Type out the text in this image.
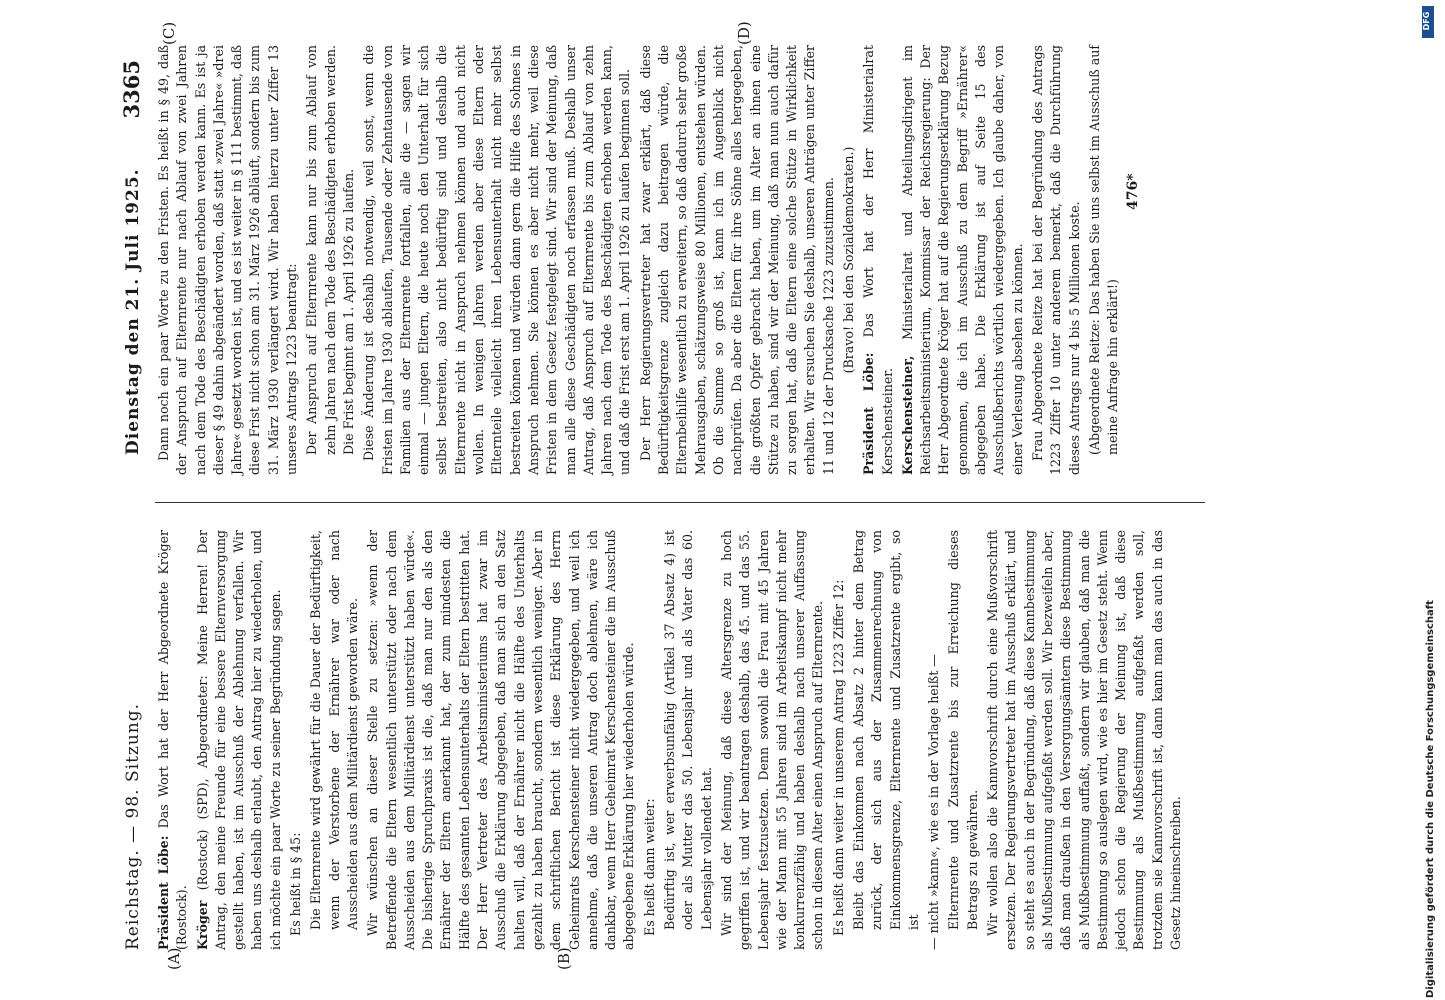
Reichstag. — 98. Sitzung.
Dienstag den 21. Juli 1925.
3365
(A)	(B)
(C)	(D)

Präsident Löbe: Das Wort hat der Herr Abgeordnete Kröger (Rostock). Kröger (Rostock) (SPD), Abgeordneter: Meine Herren! Der Antrag, den meine Freunde für eine bessere Elternversorgung gestellt haben, ist im Ausschuß der Ablehnung verfallen. Wir haben uns deshalb erlaubt, den Antrag hier zu wiederholen, und ich möchte ein paar Worte zu seiner Begründung sagen. Es heißt in § 45: Die Elternrente wird gewährt für die Dauer der Bedürftigkeit, wenn der Verstorbene der Ernährer war oder nach Ausscheiden aus dem Militärdienst geworden wäre. Wir wünschen an dieser Stelle zu setzen: »wenn der Betreffende die Eltern wesentlich unterstützt oder nach dem Ausscheiden aus dem Militärdienst unterstützt haben würde«. Die bisherige Spruchpraxis ist die, daß man nur den als den Ernährer der Eltern anerkannt hat, der zum mindesten die Hälfte des gesamten Lebensunterhalts der Eltern bestritten hat. Der Herr Vertreter des Arbeitsministeriums hat zwar im Ausschuß die Erklärung abgegeben, daß man sich an den Satz halten will, daß der Ernährer nicht die Hälfte des Unterhalts gezahlt zu haben braucht, sondern wesentlich weniger. Aber in dem schriftlichen Bericht ist diese Erklärung des Herrn Geheimrats Kerschensteiner nicht wiedergegeben, und weil ich annehme, daß die unseren Antrag doch ablehnen, wäre ich dankbar, wenn Herr Geheimrat Kerschensteiner die im Ausschuß abgegebene Erklärung hier wiederholen würde. Es heißt dann weiter: Bedürftig ist, wer erwerbsunfähig (Artikel 37 Absatz 4) ist oder als Mutter das 50. Lebensjahr und als Vater das 60. Lebensjahr vollendet hat. Wir sind der Meinung, daß diese Altersgrenze zu hoch gegriffen ist, und wir beantragen deshalb, das 45. und das 55. Lebensjahr festzusetzen. Denn sowohl die Frau mit 45 Jahren wie der Mann mit 55 Jahren sind im Arbeitskampf nicht mehr konkurrenzfähig und haben deshalb nach unserer Auffassung schon in diesem Alter einen Anspruch auf Elternrente. Es heißt dann weiter in unserem Antrag 1223 Ziffer 12: Bleibt das Einkommen nach Absatz 2 hinter dem Betrag zurück, der sich aus der Zusammenrechnung von Einkommensgrenze, Elternrente und Zusatzrente ergibt, so ist — nicht »kann«, wie es in der Vorlage heißt — Elternrente und Zusatzrente bis zur Erreichung dieses Betrags zu gewähren. Wir wollen also die Kannvorschrift durch eine Mußvorschrift ersetzen. Der Regierungsvertreter hat im Ausschuß erklärt, und so steht es auch in der Begründung, daß diese Kannbestimmung als Mußbestimmung aufgefaßt werden soll. Wir bezweifeln aber, daß man draußen in den Versorgungsämtern diese Bestimmung als Mußbestimmung auffaßt, sondern wir glauben, daß man die Bestimmung so auslegen wird, wie es hier im Gesetz steht. Wenn jedoch schon die Regierung der Meinung ist, daß diese Bestimmung als Mußbestimmung aufgefaßt werden soll, trotzdem sie Kannvorschrift ist, dann kann man das auch in das Gesetz hineinschreiben.

Dann noch ein paar Worte zu den Fristen. Es heißt in § 49, daß der Anspruch auf Elternrente nur nach Ablauf von zwei Jahren nach dem Tode des Beschädigten erhoben werden kann. Es ist ja dieser § 49 dahin abgeändert worden, daß statt »zwei Jahre« »drei Jahre« gesetzt worden ist, und es ist weiter in § 111 bestimmt, daß diese Frist nicht schon am 31. März 1926 abläuft, sondern bis zum 31. März 1930 verlängert wird. Wir haben hierzu unter Ziffer 13 unseres Antrags 1223 beantragt: Der Anspruch auf Elternrente kann nur bis zum Ablauf von zehn Jahren nach dem Tode des Beschädigten erhoben werden. Die Frist beginnt am 1. April 1926 zu laufen. Diese Änderung ist deshalb notwendig, weil sonst, wenn die Fristen im Jahre 1930 ablaufen, Tausende oder Zehntausende von Familien aus der Elternrente fortfallen, alle die — sagen wir einmal — jungen Eltern, die heute noch den Unterhalt für sich selbst bestreiten, also nicht bedürftig sind und deshalb die Elternrente nicht in Anspruch nehmen können und auch nicht wollen. In wenigen Jahren werden aber diese Eltern oder Elternteile vielleicht ihren Lebensunterhalt nicht mehr selbst bestreiten können und würden dann gern die Hilfe des Sohnes in Anspruch nehmen. Sie können es aber nicht mehr, weil diese Fristen in dem Gesetz festgelegt sind. Wir sind der Meinung, daß man alle diese Geschädigten noch erfassen muß. Deshalb unser Antrag, daß Anspruch auf Elternrente bis zum Ablauf von zehn Jahren nach dem Tode des Beschädigten erhoben werden kann, und daß die Frist erst am 1. April 1926 zu laufen beginnen soll. Der Herr Regierungsvertreter hat zwar erklärt, daß diese Bedürftigkeitsgrenze zugleich dazu beitragen würde, die Elternbeihilfe wesentlich zu erweitern, so daß dadurch sehr große Mehrausgaben, schätzungsweise 80 Millionen, entstehen würden. Ob die Summe so groß ist, kann ich im Augenblick nicht nachprüfen. Da aber die Eltern für ihre Söhne alles hergegeben, die größten Opfer gebracht haben, um im Alter an ihnen eine Stütze zu haben, sind wir der Meinung, daß man nun auch dafür zu sorgen hat, daß die Eltern eine solche Stütze in Wirklichkeit erhalten. Wir ersuchen Sie deshalb, unseren Anträgen unter Ziffer 11 und 12 der Drucksache 1223 zuzustimmen. (Bravo! bei den Sozialdemokraten.)

Präsident Löbe: Das Wort hat der Herr Ministerialrat Kerschensteiner. Kerschensteiner, Ministerialrat und Abteilungsdirigent im Reichsarbeitsministerium, Kommissar der Reichsregierung: Der Herr Abgeordnete Kröger hat auf die Regierungserklärung Bezug genommen, die ich im Ausschuß zu dem Begriff »Ernährer« abgegeben habe. Die Erklärung ist auf Seite 15 des Ausschußberichts wörtlich wiedergegeben. Ich glaube daher, von einer Verlesung absehen zu können. Frau Abgeordnete Reitze hat bei der Begründung des Antrags 1223 Ziffer 10 unter anderem bemerkt, daß die Durchführung dieses Antrags nur 4 bis 5 Millionen koste. (Abgeordnete Reitze: Das haben Sie uns selbst im Ausschuß auf meine Anfrage hin erklärt!)

476*
Digitalisierung gefördert durch die Deutsche Forschungsgemeinschaft
DFG
